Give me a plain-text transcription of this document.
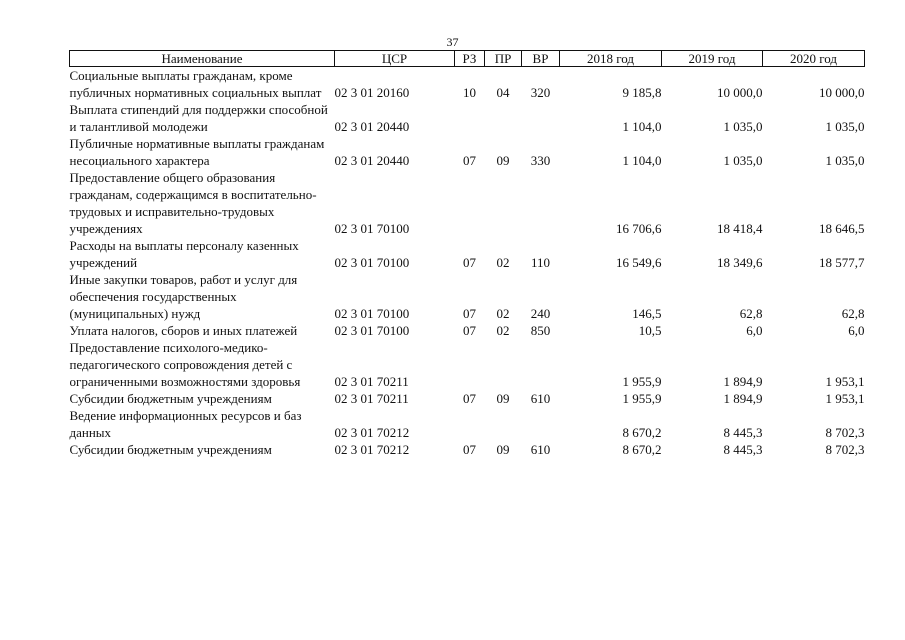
37
Наименование	ЦСР	РЗ	ПР	ВР	2018 год	2019 год	2020 год
Социальные выплаты гражданам, кроме публичных нормативных социальных выплат	02 3 01 20160	10	04	320	9 185,8	10 000,0	10 000,0
Выплата стипендий для поддержки способной и талантливой молодежи	02 3 01 20440				1 104,0	1 035,0	1 035,0
Публичные нормативные выплаты гражданам несоциального характера	02 3 01 20440	07	09	330	1 104,0	1 035,0	1 035,0
Предоставление общего образования гражданам, содержащимся в воспитательно-трудовых и исправительно-трудовых учреждениях	02 3 01 70100				16 706,6	18 418,4	18 646,5
Расходы на выплаты персоналу казенных учреждений	02 3 01 70100	07	02	110	16 549,6	18 349,6	18 577,7
Иные закупки товаров, работ и услуг для обеспечения государственных (муниципальных) нужд	02 3 01 70100	07	02	240	146,5	62,8	62,8
Уплата налогов, сборов и иных платежей	02 3 01 70100	07	02	850	10,5	6,0	6,0
Предоставление психолого-медико-педагогического сопровождения детей с ограниченными возможностями здоровья	02 3 01 70211				1 955,9	1 894,9	1 953,1
Субсидии бюджетным учреждениям	02 3 01 70211	07	09	610	1 955,9	1 894,9	1 953,1
Ведение информационных ресурсов и баз данных	02 3 01 70212				8 670,2	8 445,3	8 702,3
Субсидии бюджетным учреждениям	02 3 01 70212	07	09	610	8 670,2	8 445,3	8 702,3
